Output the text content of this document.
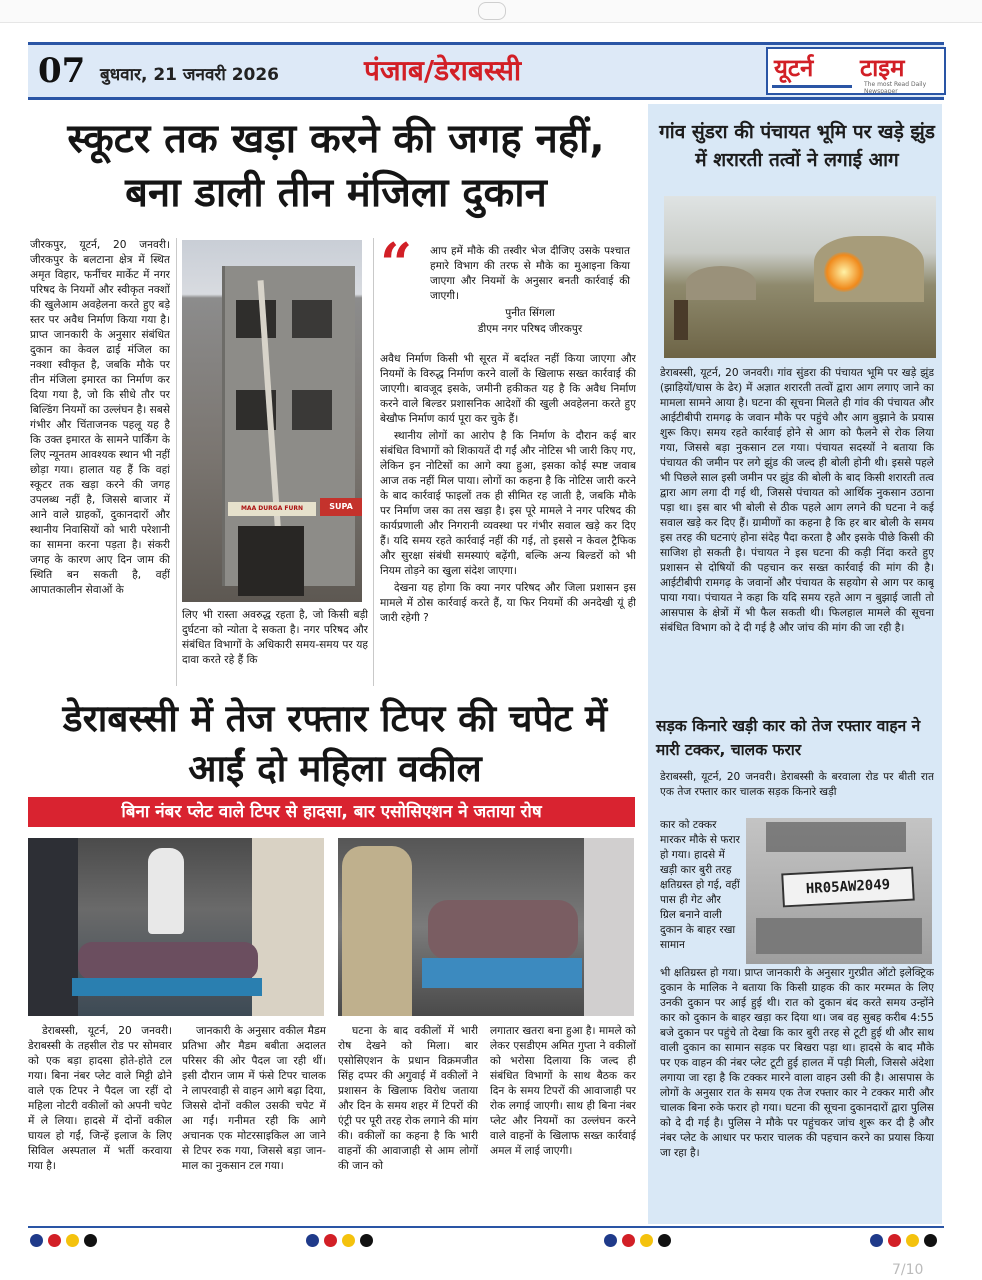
07 बुधवार, 21 जनवरी 2026	पंजाब/डेराबस्सी	यूटर्न टाइम
The most Read Daily Newspaper
स्कूटर तक खड़ा करने की जगह नहीं, बना डाली तीन मंजिला दुकान

जीरकपुर, यूटर्न, 20 जनवरी। जीरकपुर के बलटाना क्षेत्र में स्थित अमृत विहार, फर्नीचर मार्केट में नगर परिषद के नियमों और स्वीकृत नक्शों की खुलेआम अवहेलना करते हुए बड़े स्तर पर अवैध निर्माण किया गया है। प्राप्त जानकारी के अनुसार संबंधित दुकान का केवल ढाई मंजिल का नक्शा स्वीकृत है, जबकि मौके पर तीन मंजिला इमारत का निर्माण कर दिया गया है, जो कि सीधे तौर पर बिल्डिंग नियमों का उल्लंघन है। सबसे गंभीर और चिंताजनक पहलू यह है कि उक्त इमारत के सामने पार्किंग के लिए न्यूनतम आवश्यक स्थान भी नहीं छोड़ा गया। हालात यह हैं कि वहां स्कूटर तक खड़ा करने की जगह उपलब्ध नहीं है, जिससे बाजार में आने वाले ग्राहकों, दुकानदारों और स्थानीय निवासियों को भारी परेशानी का सामना करना पड़ता है। संकरी जगह के कारण आए दिन जाम की स्थिति बन सकती है, वहीं आपातकालीन सेवाओं के

MAA DURGA FURN	SUPA

लिए भी रास्ता अवरुद्ध रहता है, जो किसी बड़ी दुर्घटना को न्योता दे सकता है। नगर परिषद और संबंधित विभागों के अधिकारी समय-समय पर यह दावा करते रहे हैं कि

“ आप हमें मौके की तस्वीर भेज दीजिए उसके पश्चात हमारे विभाग की तरफ से मौके का मुआइना किया जाएगा और नियमों के अनुसार बनती कार्रवाई की जाएगी।
पुनीत सिंगला
डीएम नगर परिषद जीरकपुर

अवैध निर्माण किसी भी सूरत में बर्दाश्त नहीं किया जाएगा और नियमों के विरुद्ध निर्माण करने वालों के खिलाफ सख्त कार्रवाई की जाएगी। बावजूद इसके, जमीनी हकीकत यह है कि अवैध निर्माण करने वाले बिल्डर प्रशासनिक आदेशों की खुली अवहेलना करते हुए बेखौफ निर्माण कार्य पूरा कर चुके हैं।

स्थानीय लोगों का आरोप है कि निर्माण के दौरान कई बार संबंधित विभागों को शिकायतें दी गईं और नोटिस भी जारी किए गए, लेकिन इन नोटिसों का आगे क्या हुआ, इसका कोई स्पष्ट जवाब आज तक नहीं मिल पाया। लोगों का कहना है कि नोटिस जारी करने के बाद कार्रवाई फाइलों तक ही सीमित रह जाती है, जबकि मौके पर निर्माण जस का तस खड़ा है। इस पूरे मामले ने नगर परिषद की कार्यप्रणाली और निगरानी व्यवस्था पर गंभीर सवाल खड़े कर दिए हैं। यदि समय रहते कार्रवाई नहीं की गई, तो इससे न केवल ट्रैफिक और सुरक्षा संबंधी समस्याएं बढ़ेंगी, बल्कि अन्य बिल्डरों को भी नियम तोड़ने का खुला संदेश जाएगा।

देखना यह होगा कि क्या नगर परिषद और जिला प्रशासन इस मामले में ठोस कार्रवाई करते हैं, या फिर नियमों की अनदेखी यूं ही जारी रहेगी ?

डेराबस्सी में तेज रफ्तार टिपर की चपेट में आईं दो महिला वकील
बिना नंबर प्लेट वाले टिपर से हादसा, बार एसोसिएशन ने जताया रोष

डेराबस्सी, यूटर्न, 20 जनवरी। डेराबस्सी के तहसील रोड पर सोमवार को एक बड़ा हादसा होते-होते टल गया। बिना नंबर प्लेट वाले मिट्टी ढोने वाले एक टिपर ने पैदल जा रहीं दो महिला नोटरी वकीलों को अपनी चपेट में ले लिया। हादसे में दोनों वकील घायल हो गईं, जिन्हें इलाज के लिए सिविल अस्पताल में भर्ती करवाया गया है।

जानकारी के अनुसार वकील मैडम प्रतिभा और मैडम बबीता अदालत परिसर की ओर पैदल जा रही थीं। इसी दौरान जाम में फंसे टिपर चालक ने लापरवाही से वाहन आगे बढ़ा दिया, जिससे दोनों वकील उसकी चपेट में आ गईं। गनीमत रही कि आगे अचानक एक मोटरसाइकिल आ जाने से टिपर रुक गया, जिससे बड़ा जान-माल का नुकसान टल गया।

घटना के बाद वकीलों में भारी रोष देखने को मिला। बार एसोसिएशन के प्रधान विक्रमजीत सिंह दप्पर की अगुवाई में वकीलों ने प्रशासन के खिलाफ विरोध जताया और दिन के समय शहर में टिपरों की एंट्री पर पूरी तरह रोक लगाने की मांग की। वकीलों का कहना है कि भारी वाहनों की आवाजाही से आम लोगों की जान को

लगातार खतरा बना हुआ है। मामले को लेकर एसडीएम अमित गुप्ता ने वकीलों को भरोसा दिलाया कि जल्द ही संबंधित विभागों के साथ बैठक कर दिन के समय टिपरों की आवाजाही पर रोक लगाई जाएगी। साथ ही बिना नंबर प्लेट और नियमों का उल्लंघन करने वाले वाहनों के खिलाफ सख्त कार्रवाई अमल में लाई जाएगी।

गांव सुंडरा की पंचायत भूमि पर खड़े झुंड में शरारती तत्वों ने लगाई आग

डेराबस्सी, यूटर्न, 20 जनवरी। गांव सुंडरा की पंचायत भूमि पर खड़े झुंड (झाड़ियों/घास के ढेर) में अज्ञात शरारती तत्वों द्वारा आग लगाए जाने का मामला सामने आया है। घटना की सूचना मिलते ही गांव की पंचायत और आईटीबीपी रामगढ़ के जवान मौके पर पहुंचे और आग बुझाने के प्रयास शुरू किए। समय रहते कार्रवाई होने से आग को फैलने से रोक लिया गया, जिससे बड़ा नुकसान टल गया। पंचायत सदस्यों ने बताया कि पंचायत की जमीन पर लगे झुंड की जल्द ही बोली होनी थी। इससे पहले भी पिछले साल इसी जमीन पर झुंड की बोली के बाद किसी शरारती तत्व द्वारा आग लगा दी गई थी, जिससे पंचायत को आर्थिक नुकसान उठाना पड़ा था। इस बार भी बोली से ठीक पहले आग लगने की घटना ने कई सवाल खड़े कर दिए हैं। ग्रामीणों का कहना है कि हर बार बोली के समय इस तरह की घटनाएं होना संदेह पैदा करता है और इसके पीछे किसी की साजिश हो सकती है। पंचायत ने इस घटना की कड़ी निंदा करते हुए प्रशासन से दोषियों की पहचान कर सख्त कार्रवाई की मांग की है। आईटीबीपी रामगढ़ के जवानों और पंचायत के सहयोग से आग पर काबू पाया गया। पंचायत ने कहा कि यदि समय रहते आग न बुझाई जाती तो आसपास के क्षेत्रों में भी फैल सकती थी। फिलहाल मामले की सूचना संबंधित विभाग को दे दी गई है और जांच की मांग की जा रही है।

सड़क किनारे खड़ी कार को तेज रफ्तार वाहन ने मारी टक्कर, चालक फरार

डेराबस्सी, यूटर्न, 20 जनवरी। डेराबस्सी के बरवाला रोड पर बीती रात एक तेज रफ्तार कार चालक सड़क किनारे खड़ी

कार को टक्कर मारकर मौके से फरार हो गया। हादसे में खड़ी कार बुरी तरह क्षतिग्रस्त हो गई, वहीं पास ही गेट और ग्रिल बनाने वाली दुकान के बाहर रखा सामान

HR05AW2049

भी क्षतिग्रस्त हो गया। प्राप्त जानकारी के अनुसार गुरप्रीत ऑटो इलेक्ट्रिक दुकान के मालिक ने बताया कि किसी ग्राहक की कार मरम्मत के लिए उनकी दुकान पर आई हुई थी। रात को दुकान बंद करते समय उन्होंने कार को दुकान के बाहर खड़ा कर दिया था। जब वह सुबह करीब 4:55 बजे दुकान पर पहुंचे तो देखा कि कार बुरी तरह से टूटी हुई थी और साथ वाली दुकान का सामान सड़क पर बिखरा पड़ा था। हादसे के बाद मौके पर एक वाहन की नंबर प्लेट टूटी हुई हालत में पड़ी मिली, जिससे अंदेशा लगाया जा रहा है कि टक्कर मारने वाला वाहन उसी की है। आसपास के लोगों के अनुसार रात के समय एक तेज रफ्तार कार ने टक्कर मारी और चालक बिना रुके फरार हो गया। घटना की सूचना दुकानदारों द्वारा पुलिस को दे दी गई है। पुलिस ने मौके पर पहुंचकर जांच शुरू कर दी है और नंबर प्लेट के आधार पर फरार चालक की पहचान करने का प्रयास किया जा रहा है।

7/10
